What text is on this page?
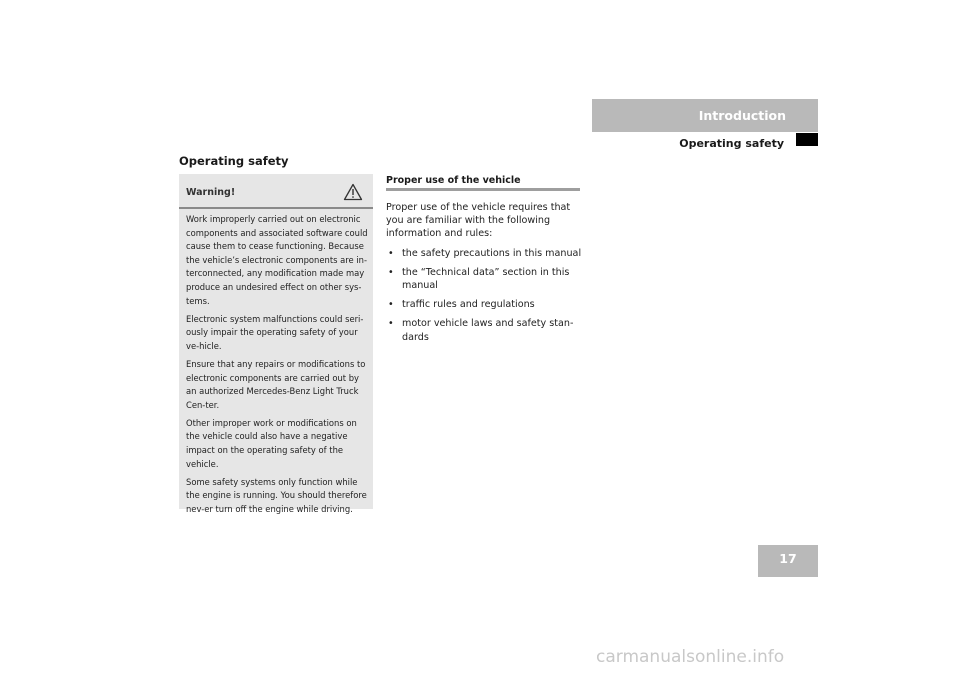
Introduction
Operating safety
Operating safety
Warning!

Work improperly carried out on electronic components and associated software could cause them to cease functioning. Because the vehicle’s electronic components are in-terconnected, any modification made may produce an undesired effect on other sys-tems.

Electronic system malfunctions could seri-ously impair the operating safety of your ve-hicle.

Ensure that any repairs or modifications to electronic components are carried out by an authorized Mercedes-Benz Light Truck Cen-ter.

Other improper work or modifications on the vehicle could also have a negative impact on the operating safety of the vehicle.

Some safety systems only function while the engine is running. You should therefore nev-er turn off the engine while driving.

Proper use of the vehicle

Proper use of the vehicle requires that you are familiar with the following information and rules:

• the safety precautions in this manual
• the “Technical data” section in this manual
• traffic rules and regulations
• motor vehicle laws and safety stan-dards
17
carmanualsonline.info
